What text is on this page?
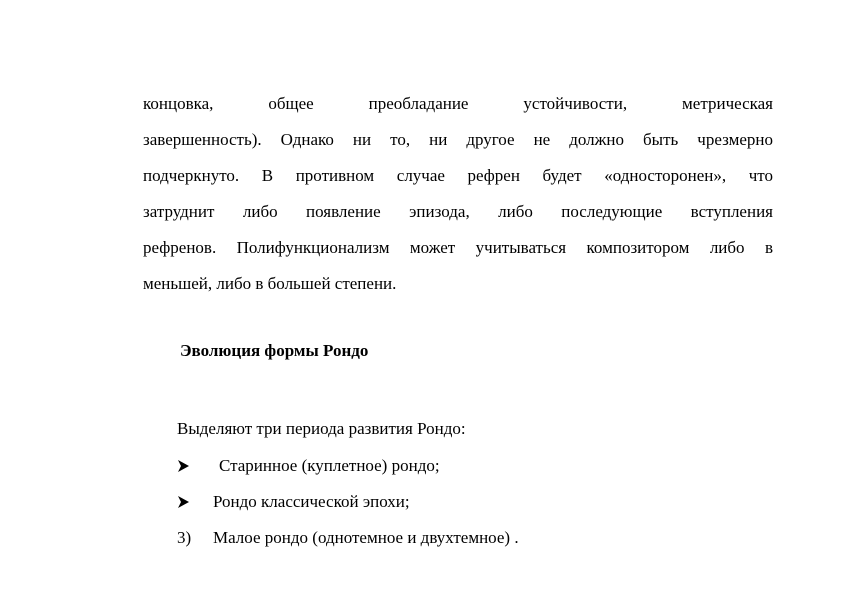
концовка, общее преобладание устойчивости, метрическая
завершенность). Однако ни то, ни другое не должно быть чрезмерно
подчеркнуто. В противном случае рефрен будет «односторонен», что
затруднит либо появление эпизода, либо последующие вступления
рефренов. Полифункционализм может учитываться композитором либо в
меньшей, либо в большей степени.
Эволюция формы Рондо
Выделяют три периода развития Рондо:
Старинное (куплетное) рондо;
Рондо классической эпохи;
3) Малое рондо (однотемное и двухтемное) .
